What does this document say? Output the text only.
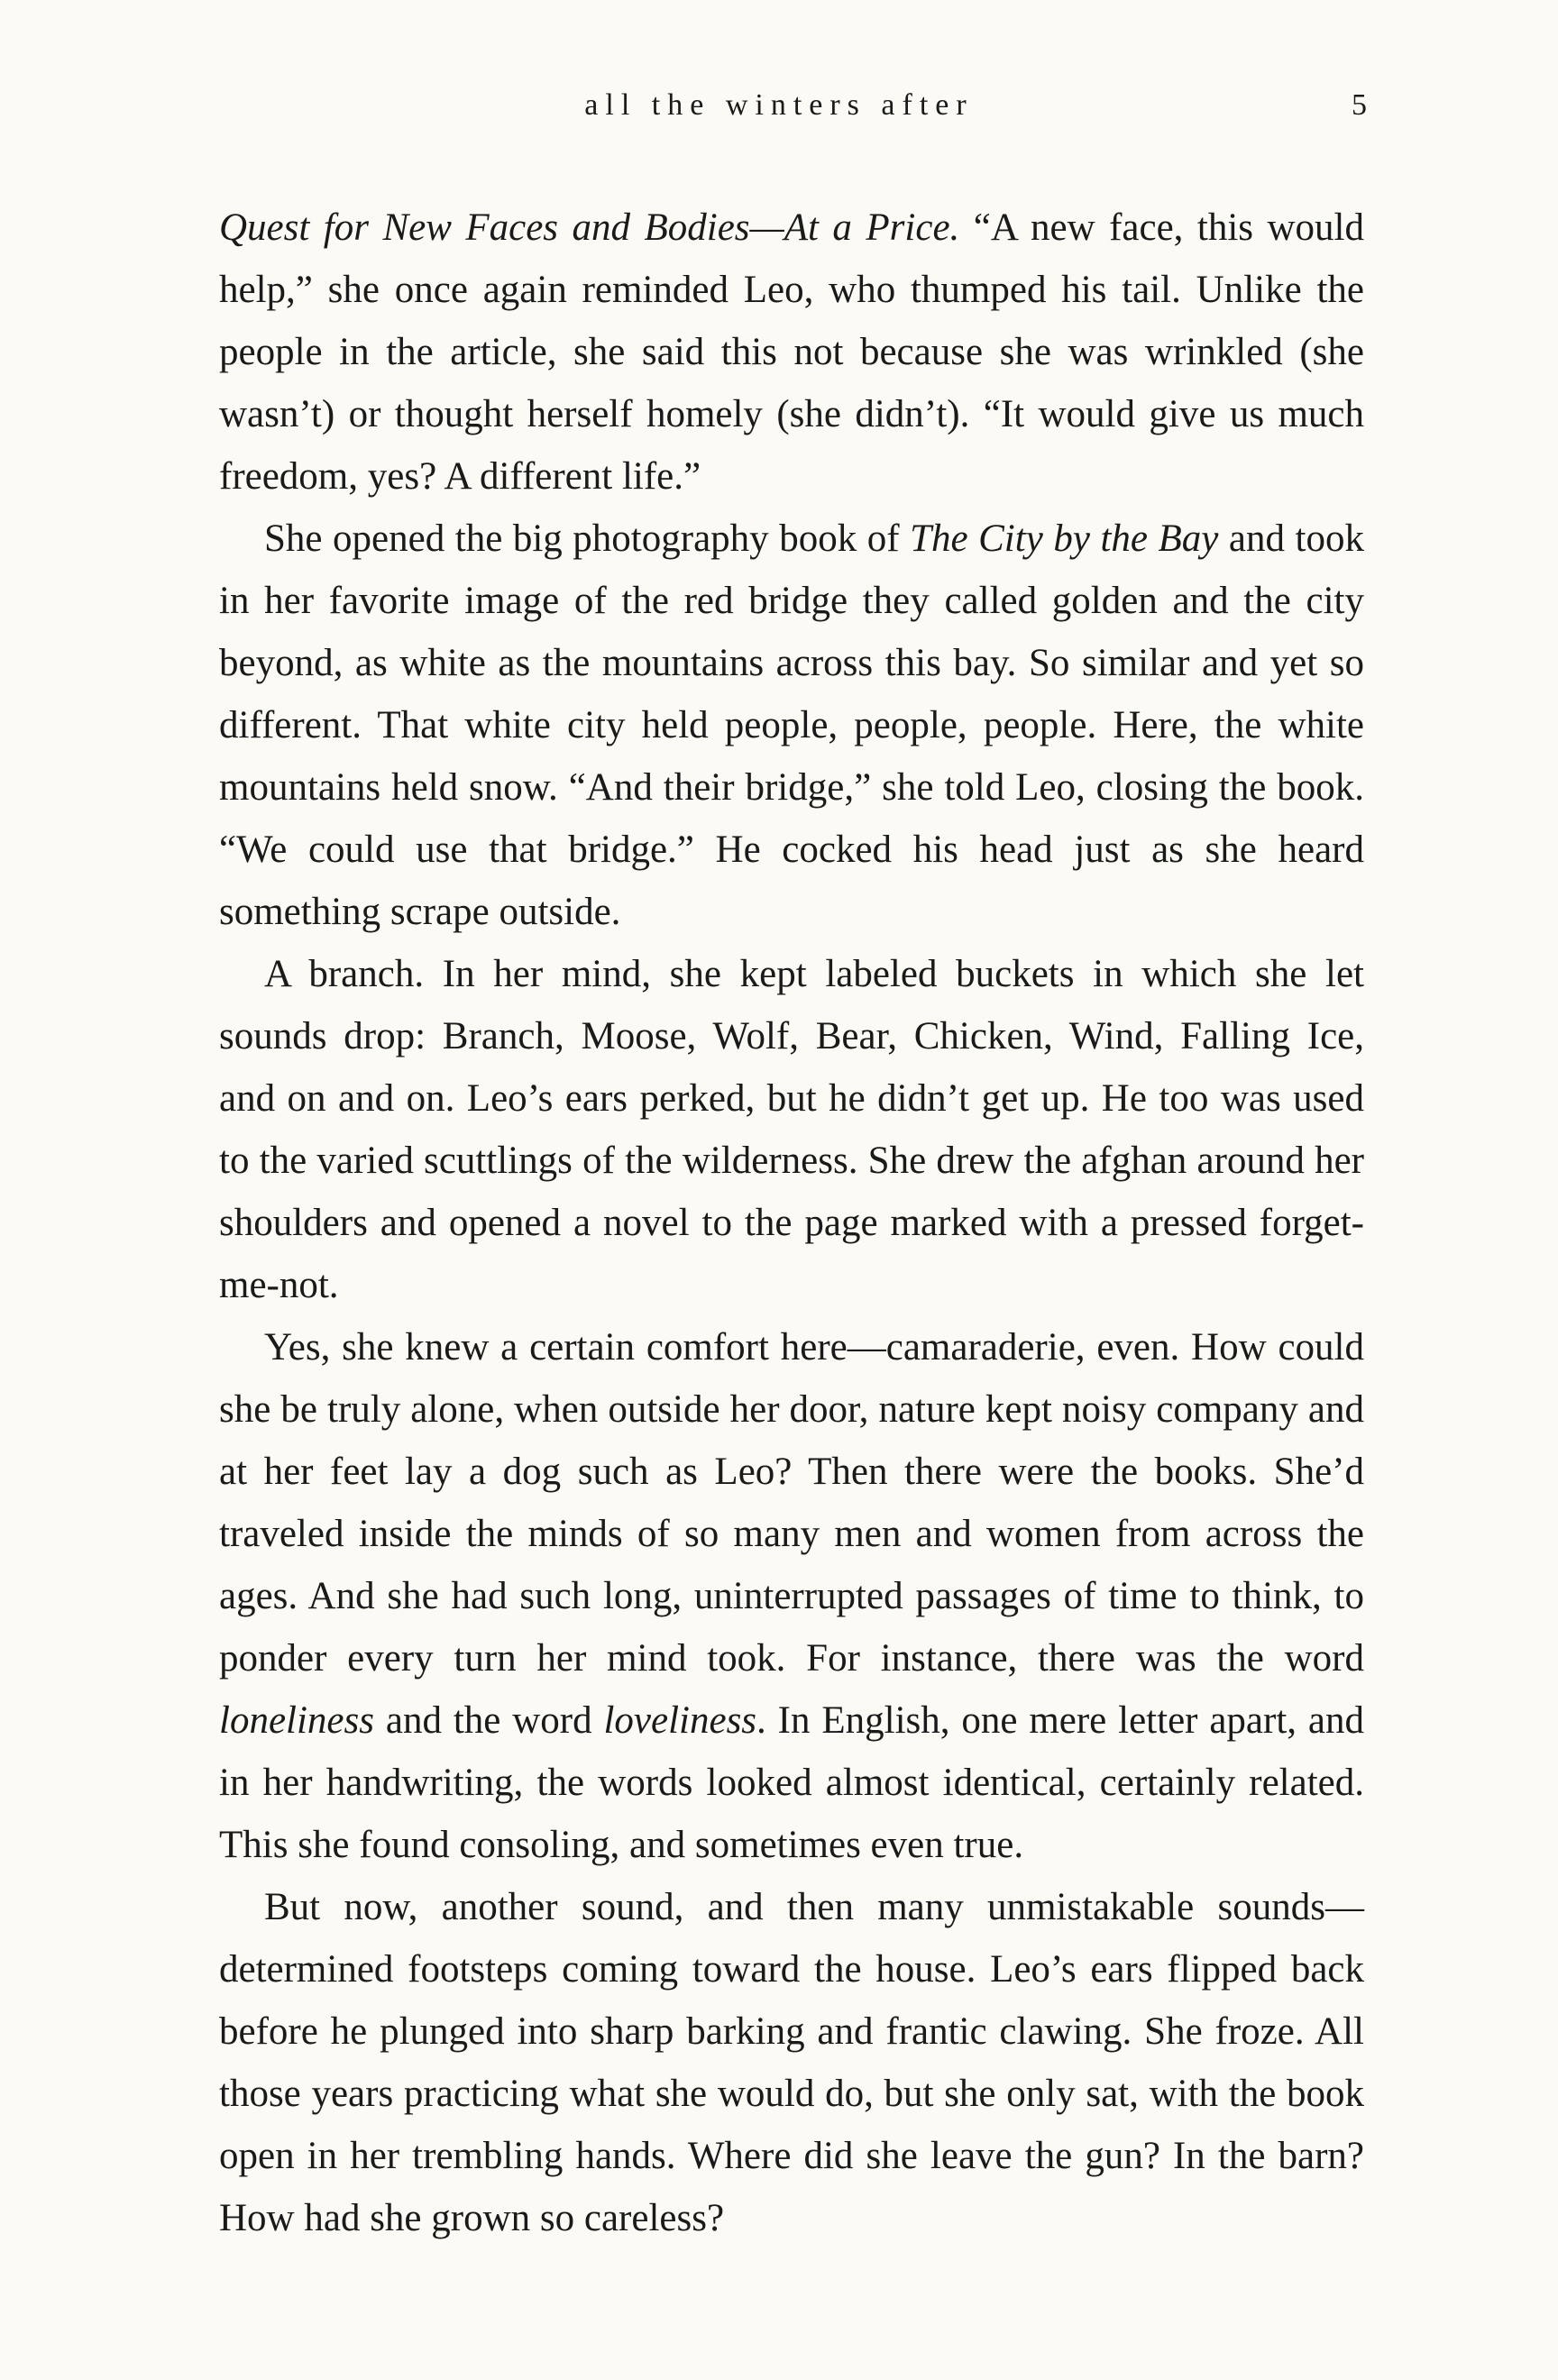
all the winters after	5

Quest for New Faces and Bodies—At a Price. “A new face, this would help,” she once again reminded Leo, who thumped his tail. Unlike the people in the article, she said this not because she was wrinkled (she wasn’t) or thought herself homely (she didn’t). “It would give us much freedom, yes? A different life.”

She opened the big photography book of The City by the Bay and took in her favorite image of the red bridge they called golden and the city beyond, as white as the mountains across this bay. So similar and yet so different. That white city held people, people, people. Here, the white mountains held snow. “And their bridge,” she told Leo, closing the book. “We could use that bridge.” He cocked his head just as she heard something scrape outside.

A branch. In her mind, she kept labeled buckets in which she let sounds drop: Branch, Moose, Wolf, Bear, Chicken, Wind, Falling Ice, and on and on. Leo’s ears perked, but he didn’t get up. He too was used to the varied scuttlings of the wilderness. She drew the afghan around her shoulders and opened a novel to the page marked with a pressed forget-me-not.

Yes, she knew a certain comfort here—camaraderie, even. How could she be truly alone, when outside her door, nature kept noisy company and at her feet lay a dog such as Leo? Then there were the books. She’d traveled inside the minds of so many men and women from across the ages. And she had such long, uninterrupted passages of time to think, to ponder every turn her mind took. For instance, there was the word loneliness and the word loveliness. In English, one mere letter apart, and in her handwriting, the words looked almost identical, certainly related. This she found consoling, and sometimes even true.

But now, another sound, and then many unmistakable sounds—determined footsteps coming toward the house. Leo’s ears flipped back before he plunged into sharp barking and frantic clawing. She froze. All those years practicing what she would do, but she only sat, with the book open in her trembling hands. Where did she leave the gun? In the barn? How had she grown so careless?
